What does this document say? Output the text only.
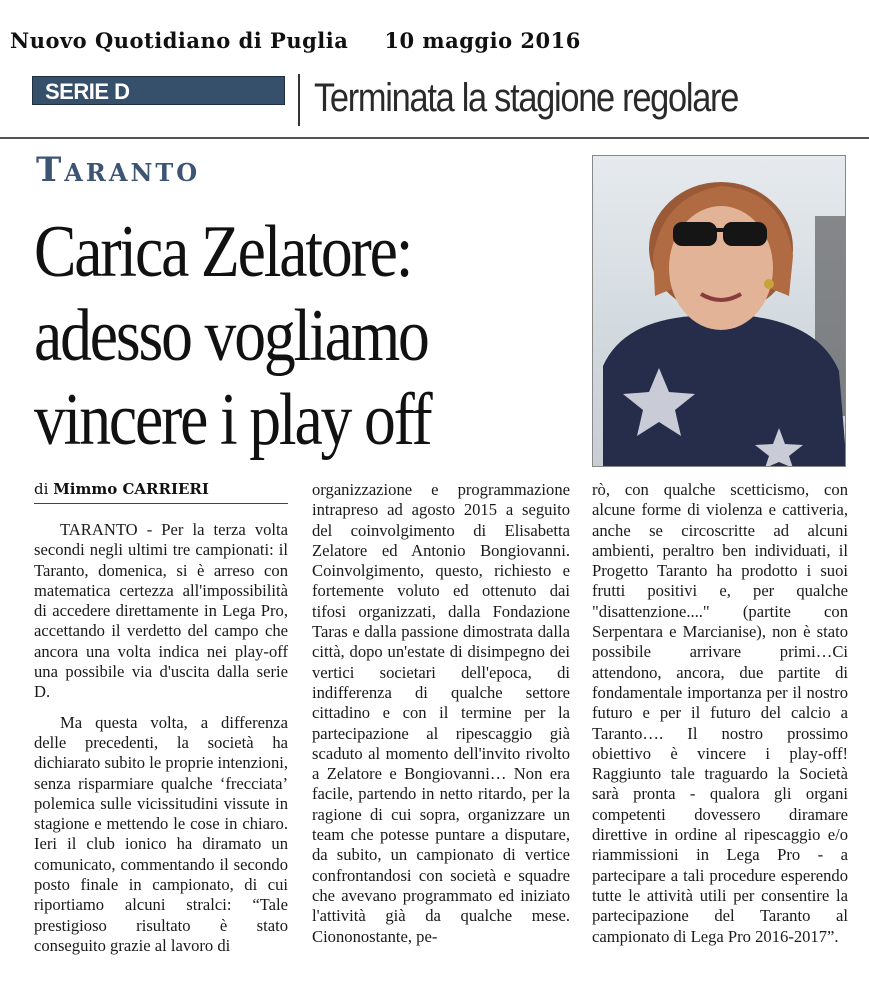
Nuovo Quotidiano di Puglia 10 maggio 2016
SERIE D	Terminata la stagione regolare
Taranto
Carica Zelatore:
adesso vogliamo
vincere i play off
di Mimmo CARRIERI

TARANTO - Per la terza volta secondi negli ultimi tre campionati: il Taranto, domenica, si è arreso con matematica certezza all'impossibilità di accedere direttamente in Lega Pro, accettando il verdetto del campo che ancora una volta indica nei play-off una possibile via d'uscita dalla serie D.

Ma questa volta, a differenza delle precedenti, la società ha dichiarato subito le proprie intenzioni, senza risparmiare qualche ‘frecciata’ polemica sulle vicissitudini vissute in stagione e mettendo le cose in chiaro. Ieri il club ionico ha diramato un comunicato, commentando il secondo posto finale in campionato, di cui riportiamo alcuni stralci: “Tale prestigioso risultato è stato conseguito grazie al lavoro di

organizzazione e programmazione intrapreso ad agosto 2015 a seguito del coinvolgimento di Elisabetta Zelatore ed Antonio Bongiovanni. Coinvolgimento, questo, richiesto e fortemente voluto ed ottenuto dai tifosi organizzati, dalla Fondazione Taras e dalla passione dimostrata dalla città, dopo un'estate di disimpegno dei vertici societari dell'epoca, di indifferenza di qualche settore cittadino e con il termine per la partecipazione al ripescaggio già scaduto al momento dell'invito rivolto a Zelatore e Bongiovanni… Non era facile, partendo in netto ritardo, per la ragione di cui sopra, organizzare un team che potesse puntare a disputare, da subito, un campionato di vertice confrontandosi con società e squadre che avevano programmato ed iniziato l'attività già da qualche mese. Ciononostante, pe-

rò, con qualche scetticismo, con alcune forme di violenza e cattiveria, anche se circoscritte ad alcuni ambienti, peraltro ben individuati, il Progetto Taranto ha prodotto i suoi frutti positivi e, per qualche "disattenzione...." (partite con Serpentara e Marcianise), non è stato possibile arrivare primi…Ci attendono, ancora, due partite di fondamentale importanza per il nostro futuro e per il futuro del calcio a Taranto…. Il nostro prossimo obiettivo è vincere i play-off! Raggiunto tale traguardo la Società sarà pronta - qualora gli organi competenti dovessero diramare direttive in ordine al ripescaggio e/o riammissioni in Lega Pro - a partecipare a tali procedure esperendo tutte le attività utili per consentire la partecipazione del Taranto al campionato di Lega Pro 2016-2017”.
